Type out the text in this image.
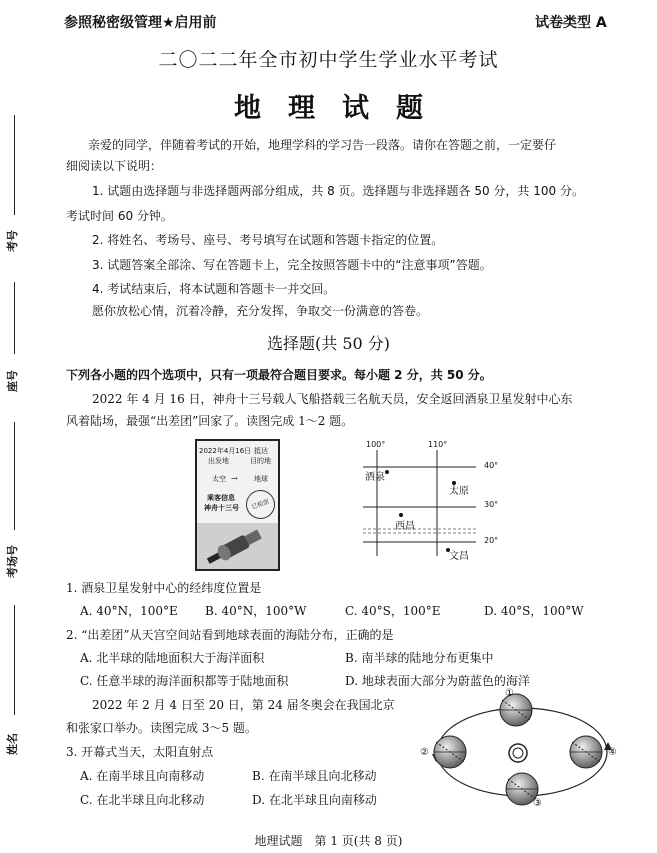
参照秘密级管理★启用前	试卷类型 A
二〇二二年全市初中学生学业水平考试
地　理　试　题
考号
座号
考场号
姓名
亲爱的同学，伴随着考试的开始，地理学科的学习告一段落。请你在答题之前，一定要仔
细阅读以下说明：
1. 试题由选择题与非选择题两部分组成，共 8 页。选择题与非选择题各 50 分，共 100 分。
考试时间 60 分钟。
2. 将姓名、考场号、座号、考号填写在试题和答题卡指定的位置。
3. 试题答案全部涂、写在答题卡上，完全按照答题卡中的“注意事项”答题。
4. 考试结束后，将本试题和答题卡一并交回。
愿你放松心情，沉着冷静，充分发挥，争取交一份满意的答卷。
选择题(共 50 分)
下列各小题的四个选项中，只有一项最符合题目要求。每小题 2 分，共 50 分。
2022 年 4 月 16 日，神舟十三号载人飞船搭载三名航天员，安全返回酒泉卫星发射中心东
风着陆场，最强“出差团”回家了。读图完成 1～2 题。
2022年4月16日
出发地
抵达
目的地
太空 → 地球
乘客信息
神舟十三号	已检票
100°	110°
40°
30°
20°
酒泉
太原
西昌
文昌
1. 酒泉卫星发射中心的经纬度位置是
A. 40°N，100°E B. 40°N，100°W	C. 40°S，100°E	D. 40°S，100°W
2. “出差团”从天宫空间站看到地球表面的海陆分布，正确的是
A. 北半球的陆地面积大于海洋面积	B. 南半球的陆地分布更集中
C. 任意半球的海洋面积都等于陆地面积	D. 地球表面大部分为蔚蓝色的海洋
2022 年 2 月 4 日至 20 日，第 24 届冬奥会在我国北京
和张家口举办。读图完成 3～5 题。
3. 开幕式当天，太阳直射点
A. 在南半球且向南移动	B. 在南半球且向北移动
C. 在北半球且向北移动	D. 在北半球且向南移动
①
②
③
④
地理试题　第 1 页(共 8 页)
